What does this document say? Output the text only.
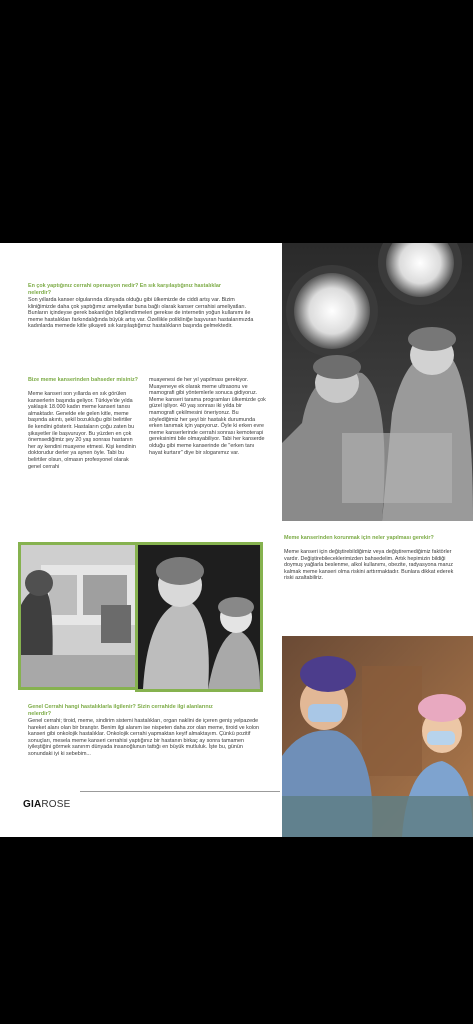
En çok yaptığınız cerrahi operasyon nedir? En sık karşılaştığınız hastalıklar nelerdir?
Son yıllarda kanser olgularında dünyada olduğu gibi ülkemizde de ciddi artış var. Bizim kliniğimizde daha çok yaptığımız ameliyatlar buna bağlı olarak kanser cerrahisi ameliyatları. Bunların içindeyse gerek bakanlığın bilgilendirmeleri gerekse de internetin yoğun kullanımı ile meme hastalıkları farkındalığında büyük artış var. Özellikle polikliniğe başvuran hastalarımızda kadınlarda memede kitle şikayeti sık karşılaştığımız hastalıkların başında gelmektedir.
Bize meme kanserinden bahseder misiniz?
Meme kanseri son yıllarda en sık görülen kanserlerin başında geliyor. Türkiye'de yılda yaklaşık 18.000 kadın meme kanseri tanısı almaktadır. Genelde ele gelen kitle, meme başında akıntı, şekil bozukluğu gibi belirtiler ile kendini gösterir. Hastaların çoğu zaten bu şikayetler ile başvuruyor. Bu yüzden en çok önemsediğimiz şey 20 yaş sonrası hastanın her ay kendini muayene etmesi. Kişi kendinin doktorudur derler ya aynen öyle. Tabi bu belirtiler olsun, olmasın profesyonel olarak genel cerrahi
muayenesi de her yıl yapılması gerekiyor. Muayeneye ek olarak meme ultrasonu ve mamografi gibi yöntemlerle sonuca gidiyoruz. Meme kanseri tarama programları ülkemizde çok güzel işliyor. 40 yaş sonrası iki yılda bir mamografi çekilmesini öneriyoruz. Bu söylediğimiz her şeyi bir hastalık durumunda erken tanımak için yapıyoruz. Öyle ki erken evre meme kanserlerinde cerrahi sonrası kemoterapi gereksinimi bile olmayabiliyor. Tabi her kanserde olduğu gibi meme kanserinde de "erken tanı hayat kurtarır" diye bir sloganımız var.
Meme kanserinden korunmak için neler yapılması gerekir?
Meme kanseri için değiştirebildiğimiz veya değiştiremediğimiz faktörler vardır. Değiştirebileceklerimizden bahsedelim. Artık hepimizin bildiği doymuş yağlarla beslenme, alkol kullanımı, obezite, radyasyona maruz kalmak meme kanseri olma riskini arttırmaktadır. Bunlara dikkat ederek riski azaltabiliriz.
Genel Cerrahi hangi hastalıklarla ilgilenir? Sizin cerrahide ilgi alanlarınız nelerdir?
Genel cerrahi; tiroid, meme, sindirim sistemi hastalıkları, organ naklini de içeren geniş yelpazede hareket alanı olan bir branştır. Benim ilgi alanım ise nispeten daha zor olan meme, tiroid ve kolon kanseri gibi onkolojik hastalıklar. Onkolojik cerrahi yapmaktan keyif almaktayım. Çünkü pozitif sonuçları, mesela meme kanseri cerrahisi yaptığınız bir hastanın birkaç ay sonra tamamen iyileştiğini görmek sanırım dünyada insanoğlunun tattığı en büyük mutluluk. İşte bu, günün sonundaki iyi ki sebebim...
GIAROSE
